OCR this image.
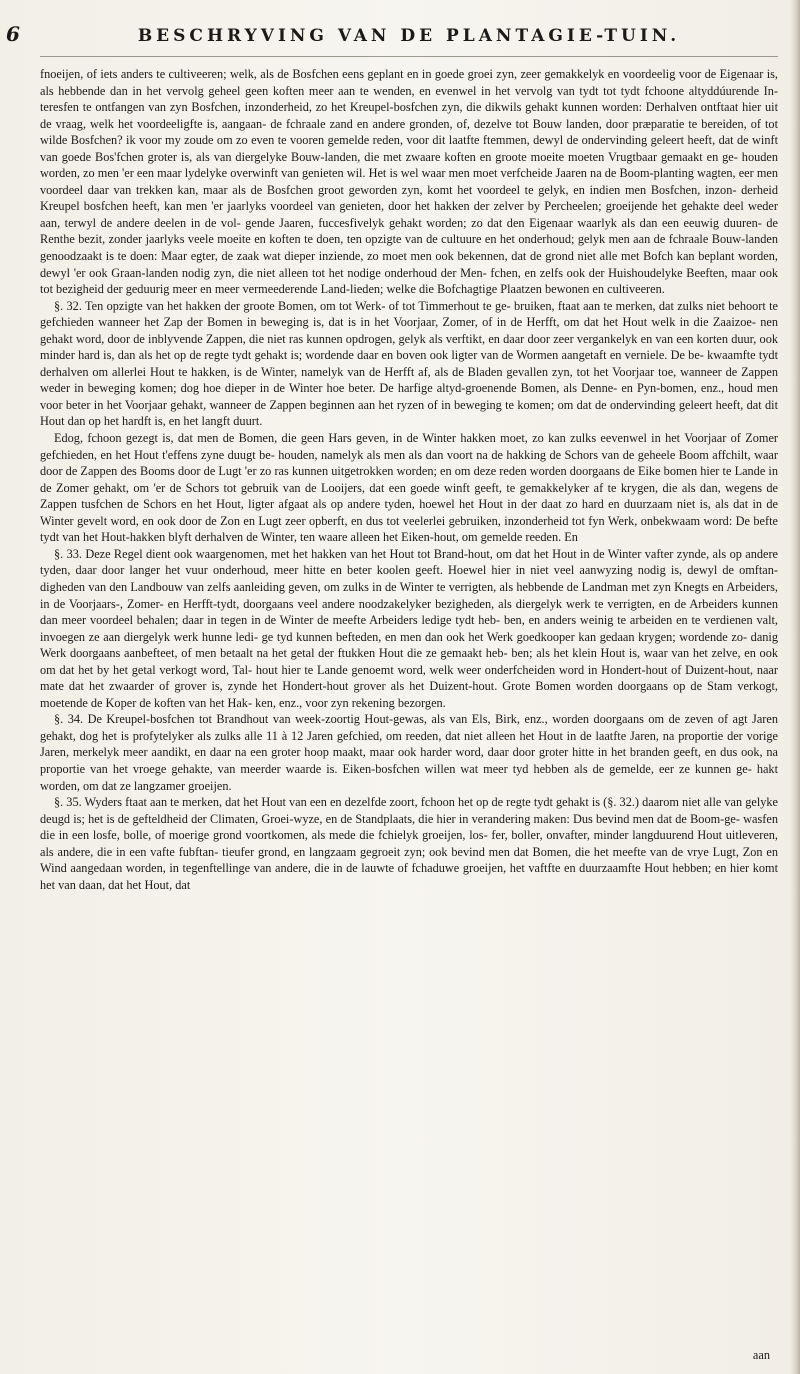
6	BESCHRYVING VAN DE PLANTAGIE-TUIN.

fnoeijen, of iets anders te cultiveeren; welk, als de Bosfchen eens geplant en in goede groei zyn, zeer gemakkelyk en voordeelig voor de Eigenaar is, als hebbende dan in het vervolg geheel geen koften meer aan te wenden, en evenwel in het vervolg van tydt tot tydt fchoone altyddúurende In- teresfen te ontfangen van zyn Bosfchen, inzonderheid, zo het Kreupel-bosfchen zyn, die dikwils gehakt kunnen worden: Derhalven ontftaat hier uit de vraag, welk het voordeeligfte is, aangaan- de fchraale zand en andere gronden, of, dezelve tot Bouw landen, door præparatie te bereiden, of tot wilde Bosfchen? ik voor my zoude om zo even te vooren gemelde reden, voor dit laatfte ftemmen, dewyl de ondervinding geleert heeft, dat de winft van goede Bos'fchen groter is, als van diergelyke Bouw-landen, die met zwaare koften en groote moeite moeten Vrugtbaar gemaakt en ge- houden worden, zo men 'er een maar lydelyke overwinft van genieten wil. Het is wel waar men moet verfcheide Jaaren na de Boom-planting wagten, eer men voordeel daar van trekken kan, maar als de Bosfchen groot geworden zyn, komt het voordeel te gelyk, en indien men Bosfchen, inzon- derheid Kreupel bosfchen heeft, kan men 'er jaarlyks voordeel van genieten, door het hakken der zelver by Percheelen; groeijende het gehakte deel weder aan, terwyl de andere deelen in de vol- gende Jaaren, fuccesfivelyk gehakt worden; zo dat den Eigenaar waarlyk als dan een eeuwig duuren- de Renthe bezit, zonder jaarlyks veele moeite en koften te doen, ten opzigte van de cultuure en het onderhoud; gelyk men aan de fchraale Bouw-landen genoodzaakt is te doen: Maar egter, de zaak wat dieper inziende, zo moet men ook bekennen, dat de grond niet alle met Bofch kan beplant worden, dewyl 'er ook Graan-landen nodig zyn, die niet alleen tot het nodige onderhoud der Men- fchen, en zelfs ook der Huishoudelyke Beeften, maar ook tot bezigheid der geduurig meer en meer vermeederende Land-lieden; welke die Bofchagtige Plaatzen bewonen en cultiveeren.

§. 32. Ten opzigte van het hakken der groote Bomen, om tot Werk- of tot Timmerhout te ge- bruiken, ftaat aan te merken, dat zulks niet behoort te gefchieden wanneer het Zap der Bomen in beweging is, dat is in het Voorjaar, Zomer, of in de Herfft, om dat het Hout welk in die Zaaizoe- nen gehakt word, door de inblyvende Zappen, die niet ras kunnen opdrogen, gelyk als verftikt, en daar door zeer vergankelyk en van een korten duur, ook minder hard is, dan als het op de regte tydt gehakt is; wordende daar en boven ook ligter van de Wormen aangetaft en verniele. De be- kwaamfte tydt derhalven om allerlei Hout te hakken, is de Winter, namelyk van de Herfft af, als de Bladen gevallen zyn, tot het Voorjaar toe, wanneer de Zappen weder in beweging komen; dog hoe dieper in de Winter hoe beter. De harfige altyd-groenende Bomen, als Denne- en Pyn-bomen, enz., houd men voor beter in het Voorjaar gehakt, wanneer de Zappen beginnen aan het ryzen of in beweging te komen; om dat de ondervinding geleert heeft, dat dit Hout dan op het hardft is, en het langft duurt.

Edog, fchoon gezegt is, dat men de Bomen, die geen Hars geven, in de Winter hakken moet, zo kan zulks eevenwel in het Voorjaar of Zomer gefchieden, en het Hout t'effens zyne duugt be- houden, namelyk als men als dan voort na de hakking de Schors van de geheele Boom affchilt, waar door de Zappen des Booms door de Lugt 'er zo ras kunnen uitgetrokken worden; en om deze reden worden doorgaans de Eike bomen hier te Lande in de Zomer gehakt, om 'er de Schors tot gebruik van de Looijers, dat een goede winft geeft, te gemakkelyker af te krygen, die als dan, wegens de Zappen tusfchen de Schors en het Hout, ligter afgaat als op andere tyden, hoewel het Hout in der daat zo hard en duurzaam niet is, als dat in de Winter gevelt word, en ook door de Zon en Lugt zeer opberft, en dus tot veelerlei gebruiken, inzonderheid tot fyn Werk, onbekwaam word: De befte tydt van het Hout-hakken blyft derhalven de Winter, ten waare alleen het Eiken-hout, om gemelde reeden. En

§. 33. Deze Regel dient ook waargenomen, met het hakken van het Hout tot Brand-hout, om dat het Hout in de Winter vafter zynde, als op andere tyden, daar door langer het vuur onderhoud, meer hitte en beter koolen geeft. Hoewel hier in niet veel aanwyzing nodig is, dewyl de omftan- digheden van den Landbouw van zelfs aanleiding geven, om zulks in de Winter te verrigten, als hebbende de Landman met zyn Knegts en Arbeiders, in de Voorjaars-, Zomer- en Herfft-tydt, doorgaans veel andere noodzakelyker bezigheden, als diergelyk werk te verrigten, en de Arbeiders kunnen dan meer voordeel behalen; daar in tegen in de Winter de meefte Arbeiders ledige tydt heb- ben, en anders weinig te arbeiden en te verdienen valt, invoegen ze aan diergelyk werk hunne ledi- ge tyd kunnen befteden, en men dan ook het Werk goedkooper kan gedaan krygen; wordende zo- danig Werk doorgaans aanbefteet, of men betaalt na het getal der ftukken Hout die ze gemaakt heb- ben; als het klein Hout is, waar van het zelve, en ook om dat het by het getal verkogt word, Tal- hout hier te Lande genoemt word, welk weer onderfcheiden word in Hondert-hout of Duizent-hout, naar mate dat het zwaarder of grover is, zynde het Hondert-hout grover als het Duizent-hout. Grote Bomen worden doorgaans op de Stam verkogt, moetende de Koper de koften van het Hak- ken, enz., voor zyn rekening bezorgen.

§. 34. De Kreupel-bosfchen tot Brandhout van week-zoortig Hout-gewas, als van Els, Birk, enz., worden doorgaans om de zeven of agt Jaren gehakt, dog het is profytelyker als zulks alle 11 à 12 Jaren gefchied, om reeden, dat niet alleen het Hout in de laatfte Jaren, na proportie der vorige Jaren, merkelyk meer aandikt, en daar na een groter hoop maakt, maar ook harder word, daar door groter hitte in het branden geeft, en dus ook, na proportie van het vroege gehakte, van meerder waarde is. Eiken-bosfchen willen wat meer tyd hebben als de gemelde, eer ze kunnen ge- hakt worden, om dat ze langzamer groeijen.

§. 35. Wyders ftaat aan te merken, dat het Hout van een en dezelfde zoort, fchoon het op de regte tydt gehakt is (§. 32.) daarom niet alle van gelyke deugd is; het is de gefteldheid der Climaten, Groei-wyze, en de Standplaats, die hier in verandering maken: Dus bevind men dat de Boom-ge- wasfen die in een losfe, bolle, of moerige grond voortkomen, als mede die fchielyk groeijen, los- fer, boller, onvafter, minder langduurend Hout uitleveren, als andere, die in een vafte fubftan- tieufer grond, en langzaam gegroeit zyn; ook bevind men dat Bomen, die het meefte van de vrye Lugt, Zon en Wind aangedaan worden, in tegenftellinge van andere, die in de lauwte of fchaduwe groeijen, het vaftfte en duurzaamfte Hout hebben; en hier komt het van daan, dat het Hout, dat

aan
